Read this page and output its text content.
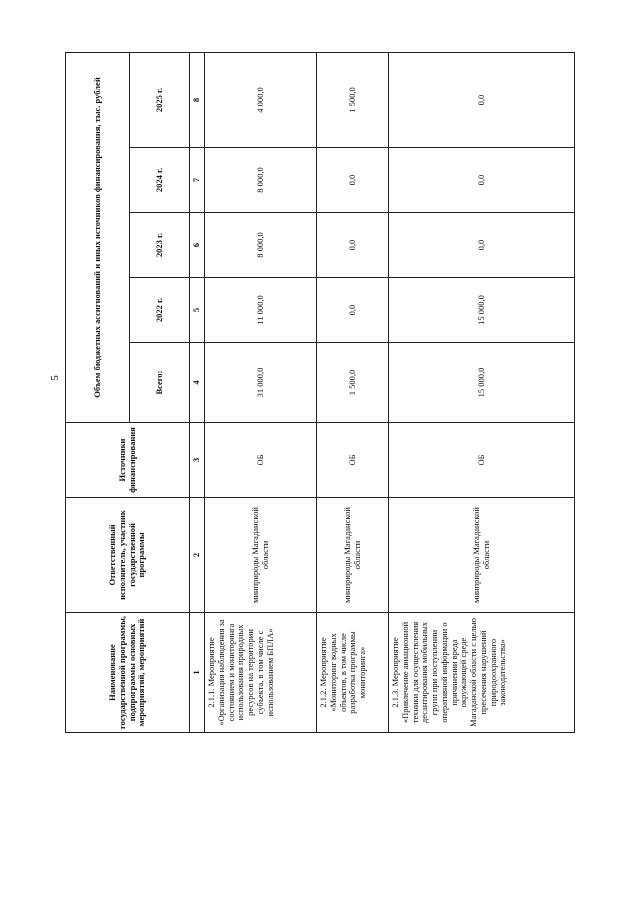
5
Наименование государственной программы, подпрограммы основных мероприятий, мероприятий	Ответственный исполнитель, участник государственной программы	Источники финансирования	Объем бюджетных ассигнований и иных источников финансирования, тыс. рублей				
			Всего:	2022 г.	2023 г.	2024 г.	2025 г.
1	2	3	4	5	6	7	8
2.1.1. Мероприятие «Организация наблюдения за состоянием и мониторинга использования природных ресурсов на территории субъекта, в том числе с использованием БПЛА»	минприроды Магаданской области	ОБ	31 000,0	11 000,0	8 000,0	8 000,0	4 000,0
2.1.2. Мероприятие «Мониторинг водных объектов, в том числе разработка программы мониторинга»	минприроды Магаданской области	ОБ	1 500,0	0,0	0,0	0,0	1 500,0
2.1.3. Мероприятие «Привлечение авиационной техники для осуществления десантирования мобильных групп при поступлении оперативной информации о причинении вреда окружающей среде Магаданской области с целью пресечения нарушений природоохранного законодательства»	минприроды Магаданской области	ОБ	15 000,0	15 000,0	0,0	0,0	0,0
